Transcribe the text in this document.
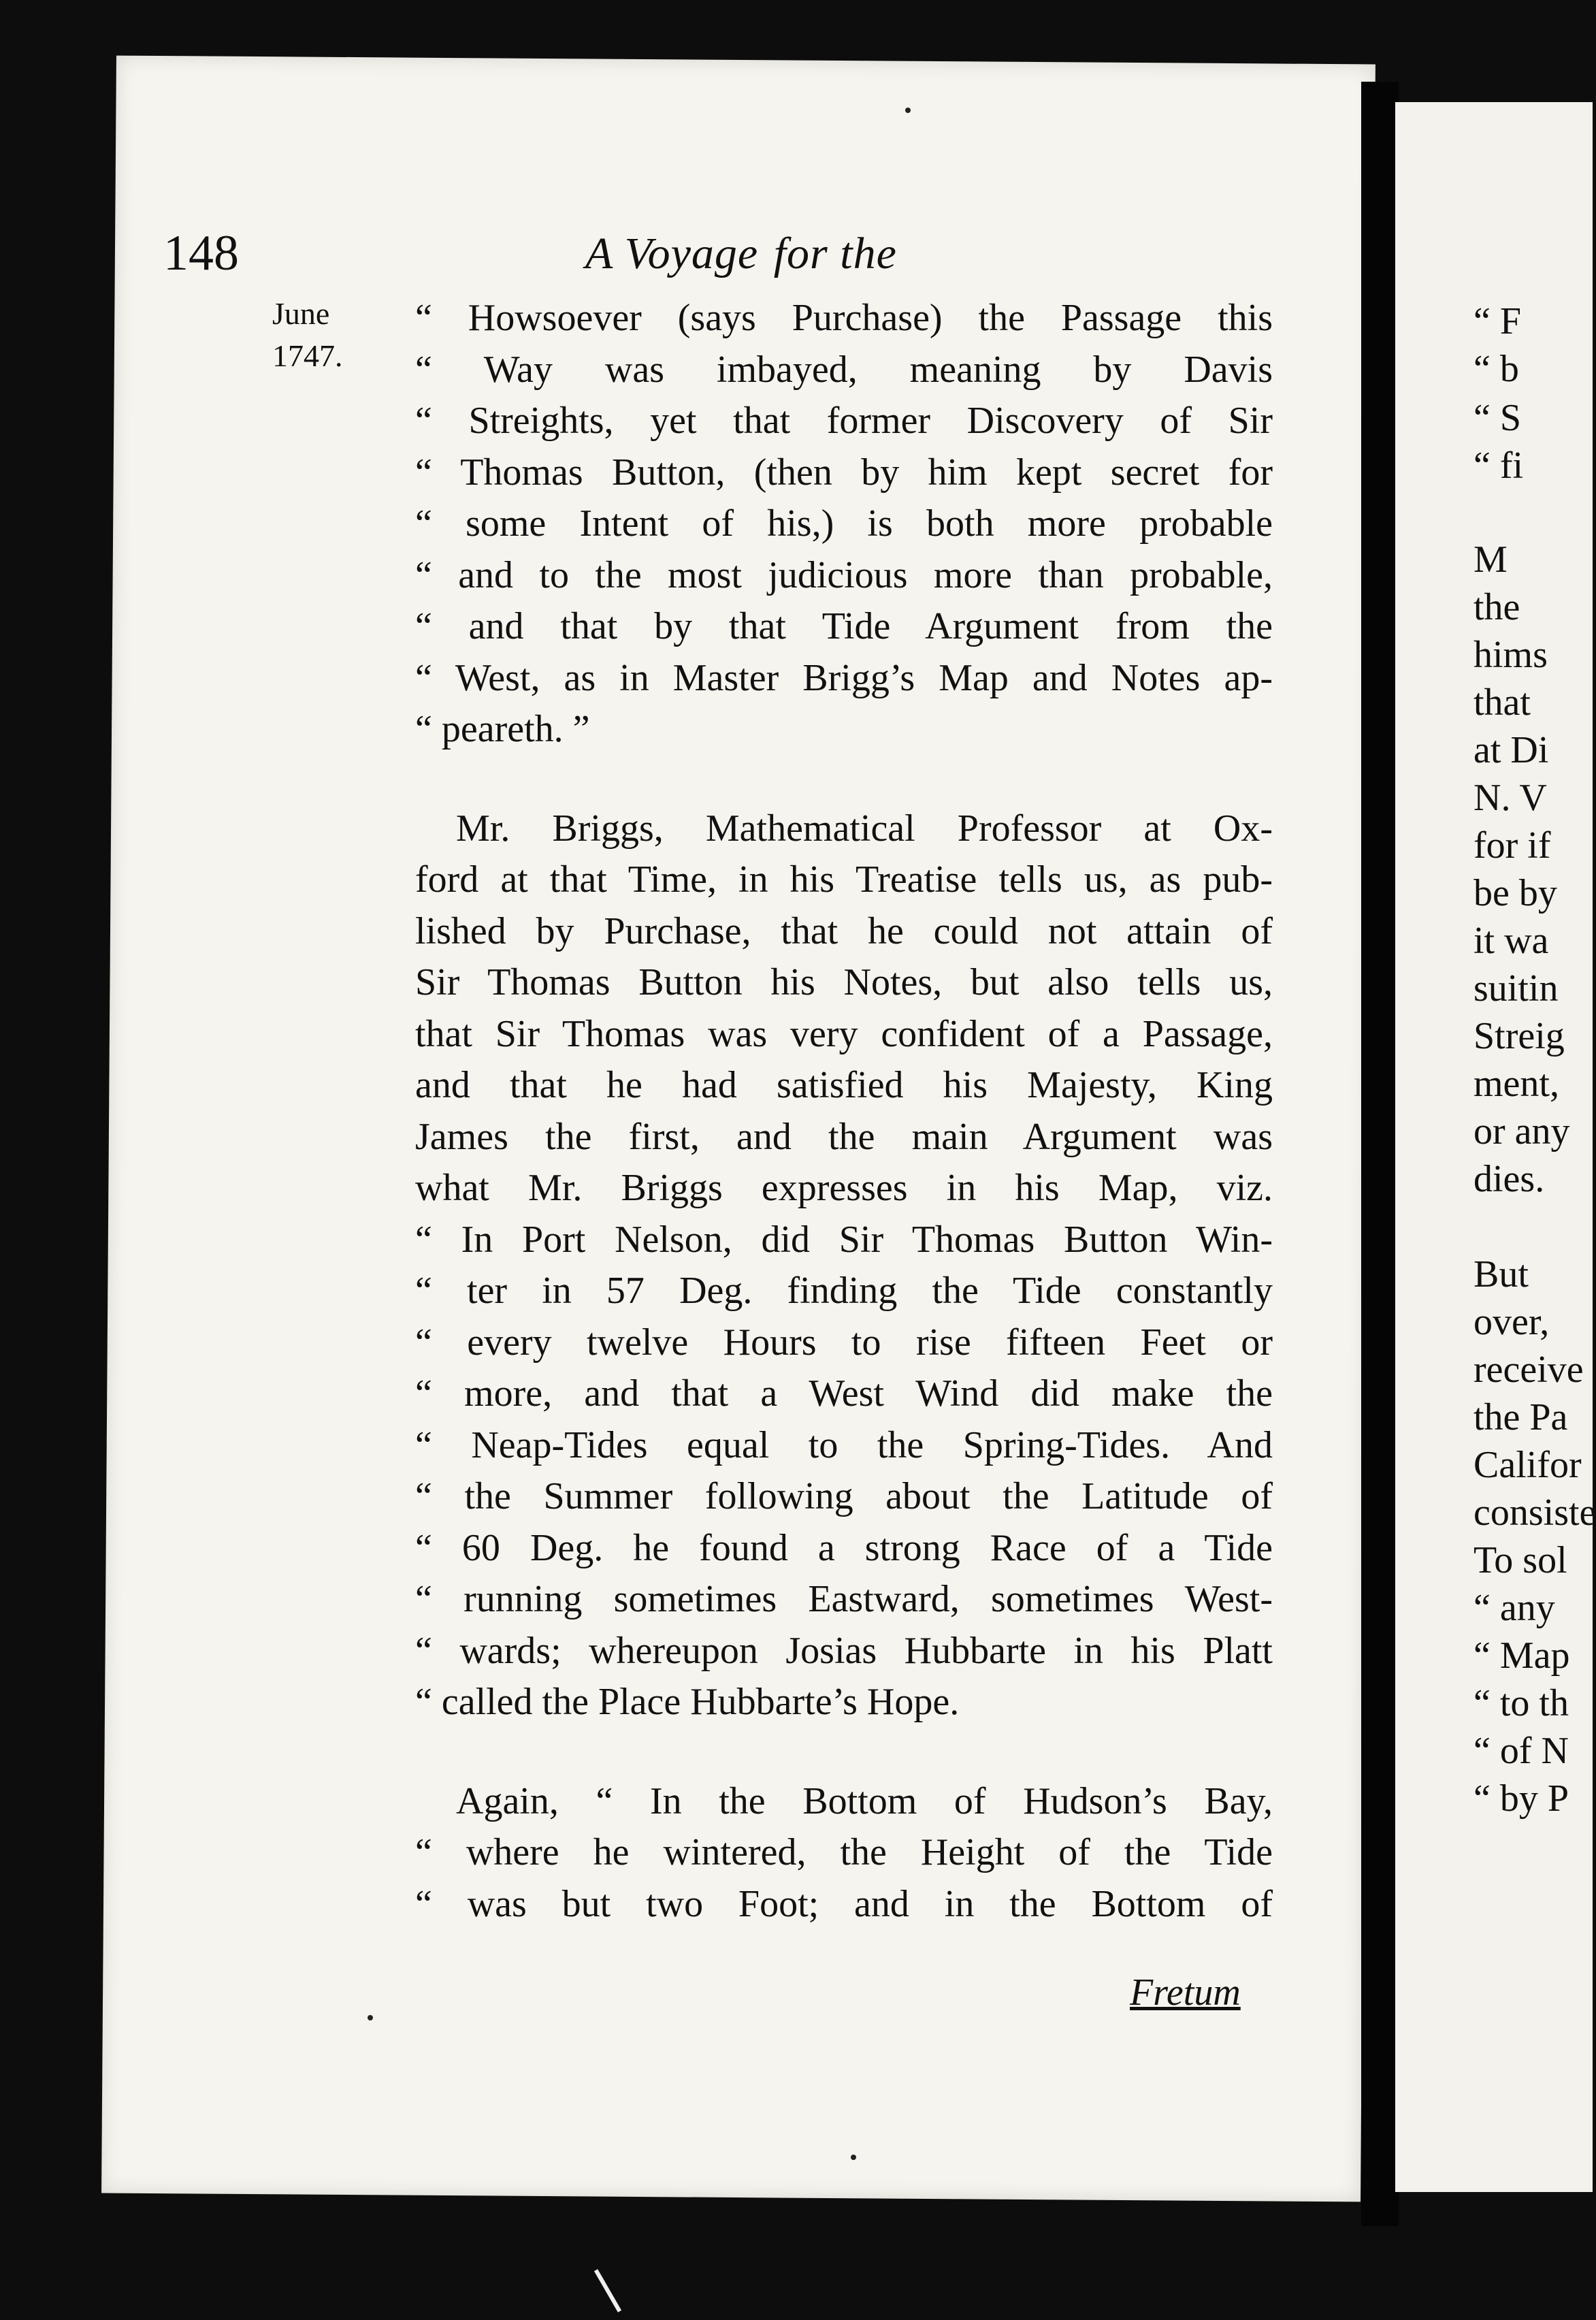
148	A Voyage for the
June
1747.
“ Howsoever (says Purchase) the Passage this
“ Way was imbayed, meaning by Davis
“ Streights, yet that former Discovery of Sir
“ Thomas Button, (then by him kept secret for
“ some Intent of his,) is both more probable
“ and to the most judicious more than probable,
“ and that by that Tide Argument from the
“ West, as in Master Brigg’s Map and Notes ap-
“ peareth. ”
Mr. Briggs, Mathematical Professor at Ox-
ford at that Time, in his Treatise tells us, as pub-
lished by Purchase, that he could not attain of
Sir Thomas Button his Notes, but also tells us,
that Sir Thomas was very confident of a Passage,
and that he had satisfied his Majesty, King
James the first, and the main Argument was
what Mr. Briggs expresses in his Map, viz.
“ In Port Nelson, did Sir Thomas Button Win-
“ ter in 57 Deg. finding the Tide constantly
“ every twelve Hours to rise fifteen Feet or
“ more, and that a West Wind did make the
“ Neap-Tides equal to the Spring-Tides. And
“ the Summer following about the Latitude of
“ 60 Deg. he found a strong Race of a Tide
“ running sometimes Eastward, sometimes West-
“ wards; whereupon Josias Hubbarte in his Platt
“ called the Place Hubbarte’s Hope.
Again, “ In the Bottom of Hudson’s Bay,
“ where he wintered, the Height of the Tide
“ was but two Foot; and in the Bottom of
Fretum
“ F
“ b
“ S
“ fi
M
the
hims
that
at Di
N. V
for if
be by
it wa
suitin
Streig
ment,
or any
dies.
But
over,
receive
the Pa
Califor
consiste
To sol
“ any
“ Map
“ to th
“ of N
“ by P
